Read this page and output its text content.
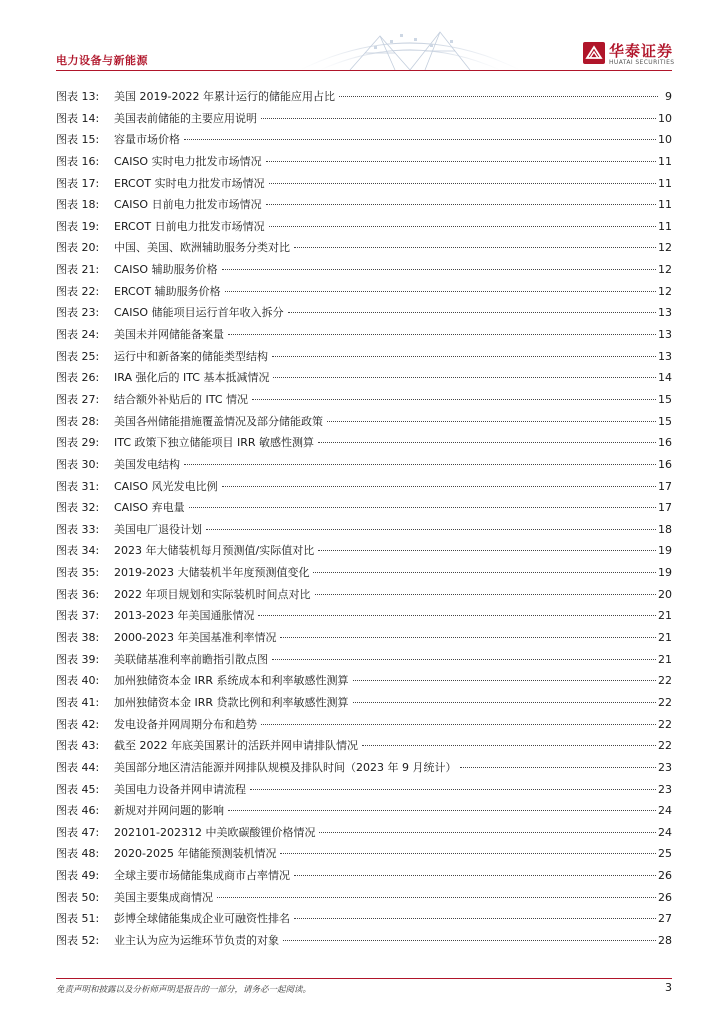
电力设备与新能源
华泰证券
HUATAI SECURITIES
图表 13:	美国 2019-2022 年累计运行的储能应用占比	9
图表 14:	美国表前储能的主要应用说明	10
图表 15:	容量市场价格	10
图表 16:	CAISO 实时电力批发市场情况	11
图表 17:	ERCOT 实时电力批发市场情况	11
图表 18:	CAISO 日前电力批发市场情况	11
图表 19:	ERCOT 日前电力批发市场情况	11
图表 20:	中国、美国、欧洲辅助服务分类对比	12
图表 21:	CAISO 辅助服务价格	12
图表 22:	ERCOT 辅助服务价格	12
图表 23:	CAISO 储能项目运行首年收入拆分	13
图表 24:	美国未并网储能备案量	13
图表 25:	运行中和新备案的储能类型结构	13
图表 26:	IRA 强化后的 ITC 基本抵减情况	14
图表 27:	结合额外补贴后的 ITC 情况	15
图表 28:	美国各州储能措施覆盖情况及部分储能政策	15
图表 29:	ITC 政策下独立储能项目 IRR 敏感性测算	16
图表 30:	美国发电结构	16
图表 31:	CAISO 风光发电比例	17
图表 32:	CAISO 弃电量	17
图表 33:	美国电厂退役计划	18
图表 34:	2023 年大储装机每月预测值/实际值对比	19
图表 35:	2019-2023 大储装机半年度预测值变化	19
图表 36:	2022 年项目规划和实际装机时间点对比	20
图表 37:	2013-2023 年美国通胀情况	21
图表 38:	2000-2023 年美国基准利率情况	21
图表 39:	美联储基准利率前瞻指引散点图	21
图表 40:	加州独储资本金 IRR 系统成本和利率敏感性测算	22
图表 41:	加州独储资本金 IRR 贷款比例和利率敏感性测算	22
图表 42:	发电设备并网周期分布和趋势	22
图表 43:	截至 2022 年底美国累计的活跃并网申请排队情况	22
图表 44:	美国部分地区清洁能源并网排队规模及排队时间（2023 年 9 月统计）	23
图表 45:	美国电力设备并网申请流程	23
图表 46:	新规对并网问题的影响	24
图表 47:	202101-202312 中美欧碳酸锂价格情况	24
图表 48:	2020-2025 年储能预测装机情况	25
图表 49:	全球主要市场储能集成商市占率情况	26
图表 50:	美国主要集成商情况	26
图表 51:	彭博全球储能集成企业可融资性排名	27
图表 52:	业主认为应为运维环节负责的对象	28
免责声明和披露以及分析师声明是报告的一部分，请务必一起阅读。	3
